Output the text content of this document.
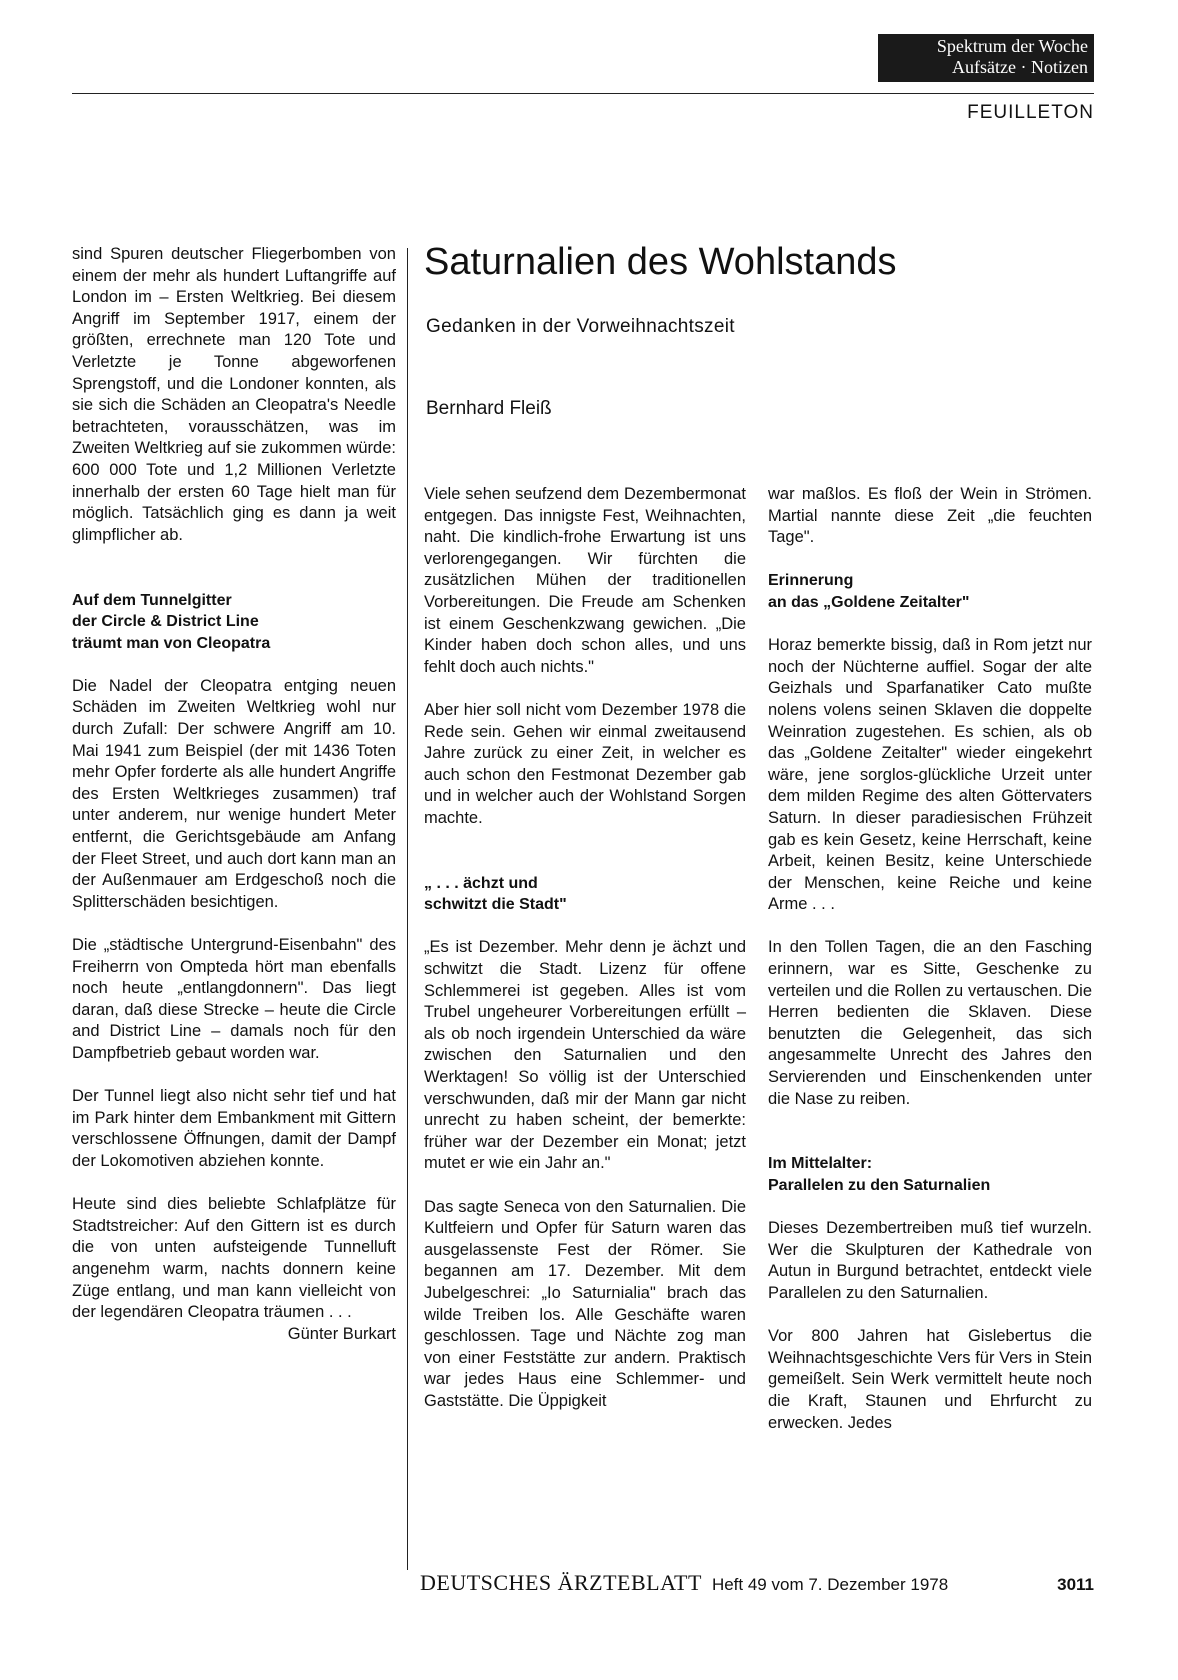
Spektrum der Woche
Aufsätze · Notizen
FEUILLETON

sind Spuren deutscher Fliegerbomben von einem der mehr als hundert Luftangriffe auf London im – Ersten Weltkrieg. Bei diesem Angriff im September 1917, einem der größten, errechnete man 120 Tote und Verletzte je Tonne abgeworfenen Sprengstoff, und die Londoner konnten, als sie sich die Schäden an Cleopatra's Needle betrachteten, vorausschätzen, was im Zweiten Weltkrieg auf sie zukommen würde: 600 000 Tote und 1,2 Millionen Verletzte innerhalb der ersten 60 Tage hielt man für möglich. Tatsächlich ging es dann ja weit glimpflicher ab.

Auf dem Tunnelgitter
der Circle & District Line
träumt man von Cleopatra

Die Nadel der Cleopatra entging neuen Schäden im Zweiten Weltkrieg wohl nur durch Zufall: Der schwere Angriff am 10. Mai 1941 zum Beispiel (der mit 1436 Toten mehr Opfer forderte als alle hundert Angriffe des Ersten Weltkrieges zusammen) traf unter anderem, nur wenige hundert Meter entfernt, die Gerichtsgebäude am Anfang der Fleet Street, und auch dort kann man an der Außenmauer am Erdgeschoß noch die Splitterschäden besichtigen.

Die „städtische Untergrund-Eisenbahn" des Freiherrn von Ompteda hört man ebenfalls noch heute „entlangdonnern". Das liegt daran, daß diese Strecke – heute die Circle and District Line – damals noch für den Dampfbetrieb gebaut worden war.

Der Tunnel liegt also nicht sehr tief und hat im Park hinter dem Embankment mit Gittern verschlossene Öffnungen, damit der Dampf der Lokomotiven abziehen konnte.

Heute sind dies beliebte Schlafplätze für Stadtstreicher: Auf den Gittern ist es durch die von unten aufsteigende Tunnelluft angenehm warm, nachts donnern keine Züge entlang, und man kann vielleicht von der legendären Cleopatra träumen . . .

Günter Burkart
Saturnalien des Wohlstands
Gedanken in der Vorweihnachtszeit
Bernhard Fleiß

Viele sehen seufzend dem Dezembermonat entgegen. Das innigste Fest, Weihnachten, naht. Die kindlich-frohe Erwartung ist uns verlorengegangen. Wir fürchten die zusätzlichen Mühen der traditionellen Vorbereitungen. Die Freude am Schenken ist einem Geschenkzwang gewichen. „Die Kinder haben doch schon alles, und uns fehlt doch auch nichts."

Aber hier soll nicht vom Dezember 1978 die Rede sein. Gehen wir einmal zweitausend Jahre zurück zu einer Zeit, in welcher es auch schon den Festmonat Dezember gab und in welcher auch der Wohlstand Sorgen machte.

„ . . . ächzt und
schwitzt die Stadt"

„Es ist Dezember. Mehr denn je ächzt und schwitzt die Stadt. Lizenz für offene Schlemmerei ist gegeben. Alles ist vom Trubel ungeheurer Vorbereitungen erfüllt – als ob noch irgendein Unterschied da wäre zwischen den Saturnalien und den Werktagen! So völlig ist der Unterschied verschwunden, daß mir der Mann gar nicht unrecht zu haben scheint, der bemerkte: früher war der Dezember ein Monat; jetzt mutet er wie ein Jahr an."

Das sagte Seneca von den Saturnalien. Die Kultfeiern und Opfer für Saturn waren das ausgelassenste Fest der Römer. Sie begannen am 17. Dezember. Mit dem Jubelgeschrei: „Io Saturnialia" brach das wilde Treiben los. Alle Geschäfte waren geschlossen. Tage und Nächte zog man von einer Feststätte zur andern. Praktisch war jedes Haus eine Schlemmer- und Gaststätte. Die Üppigkeit

war maßlos. Es floß der Wein in Strömen. Martial nannte diese Zeit „die feuchten Tage".

Erinnerung
an das „Goldene Zeitalter"

Horaz bemerkte bissig, daß in Rom jetzt nur noch der Nüchterne auffiel. Sogar der alte Geizhals und Sparfanatiker Cato mußte nolens volens seinen Sklaven die doppelte Weinration zugestehen. Es schien, als ob das „Goldene Zeitalter" wieder eingekehrt wäre, jene sorglos-glückliche Urzeit unter dem milden Regime des alten Göttervaters Saturn. In dieser paradiesischen Frühzeit gab es kein Gesetz, keine Herrschaft, keine Arbeit, keinen Besitz, keine Unterschiede der Menschen, keine Reiche und keine Arme . . .

In den Tollen Tagen, die an den Fasching erinnern, war es Sitte, Geschenke zu verteilen und die Rollen zu vertauschen. Die Herren bedienten die Sklaven. Diese benutzten die Gelegenheit, das sich angesammelte Unrecht des Jahres den Servierenden und Einschenkenden unter die Nase zu reiben.

Im Mittelalter:
Parallelen zu den Saturnalien

Dieses Dezembertreiben muß tief wurzeln. Wer die Skulpturen der Kathedrale von Autun in Burgund betrachtet, entdeckt viele Parallelen zu den Saturnalien.

Vor 800 Jahren hat Gislebertus die Weihnachtsgeschichte Vers für Vers in Stein gemeißelt. Sein Werk vermittelt heute noch die Kraft, Staunen und Ehrfurcht zu erwecken. Jedes

DEUTSCHES ÄRZTEBLATT Heft 49 vom 7. Dezember 1978	3011
